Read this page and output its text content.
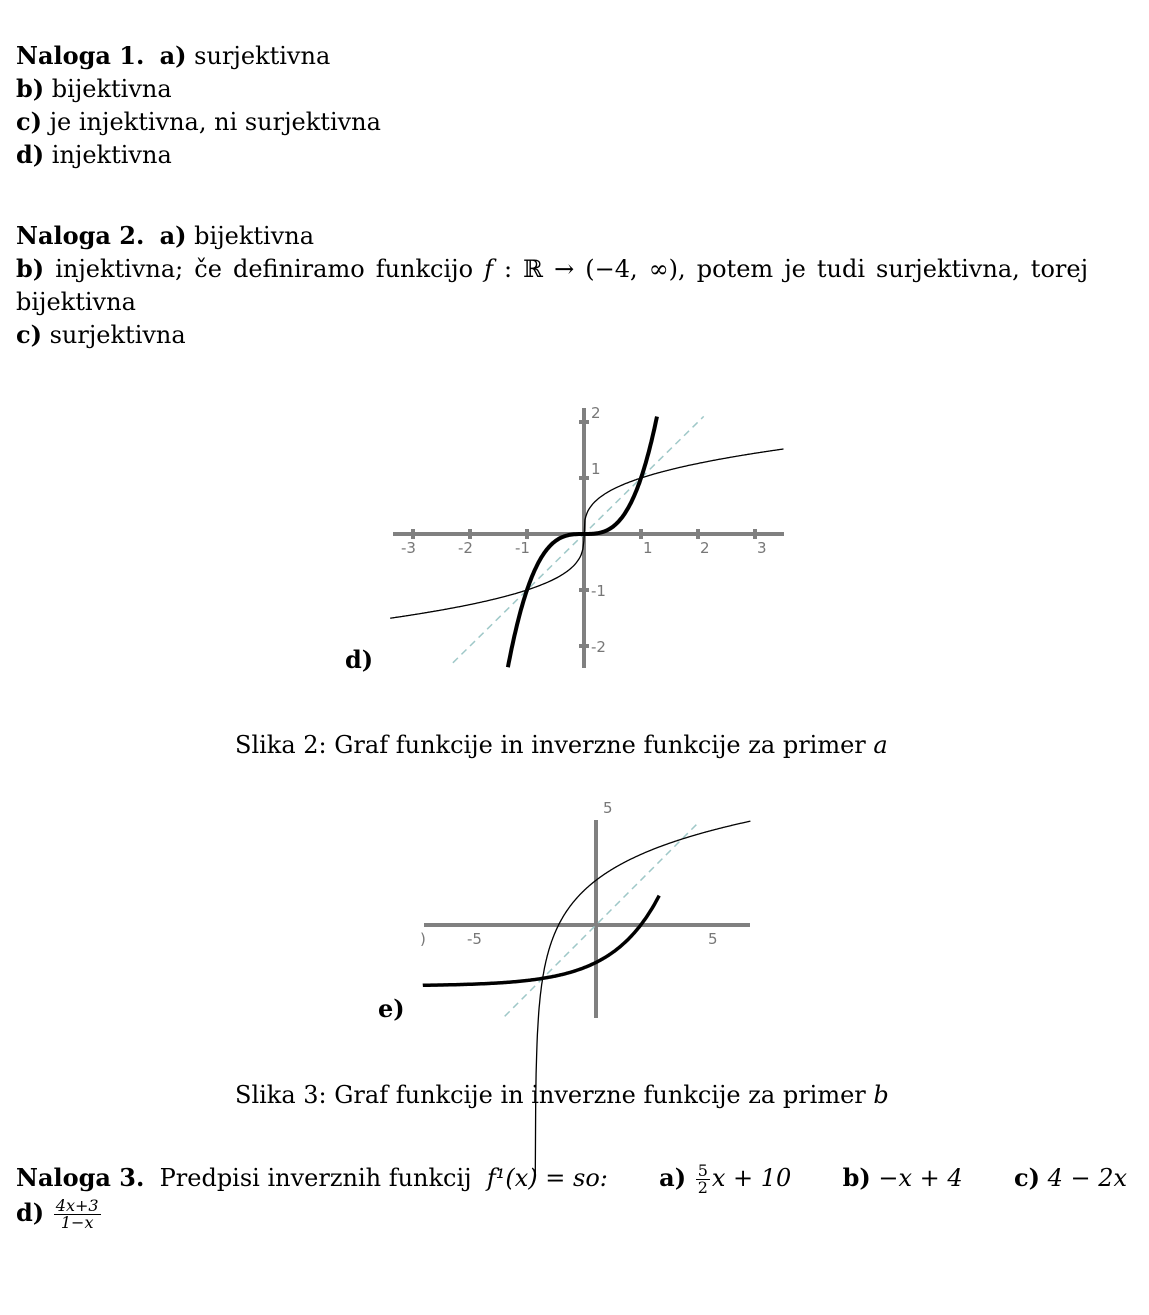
Naloga 1. a) surjektivna
b) bijektivna
c) je injektivna, ni surjektivna
d) injektivna
Naloga 2. a) bijektivna
b) injektivna; če definiramo funkcijo f : ℝ → (−4, ∞), potem je tudi surjektivna, torej
bijektivna
c) surjektivna
d)
-3	-2	-1	1	2	3
2
1
-1
-2
Slika 2: Graf funkcije in inverzne funkcije za primer a
e)
-5	5
5
)
Slika 3: Graf funkcije in inverzne funkcije za primer b
Naloga 3. Predpisi inverznih funkcij f¹(x) = so: $a) \frac{5}{2}$ x + 10 b) −x + 4 c) 4 − 2x
$d) \frac{4x+3}{1-x}$
